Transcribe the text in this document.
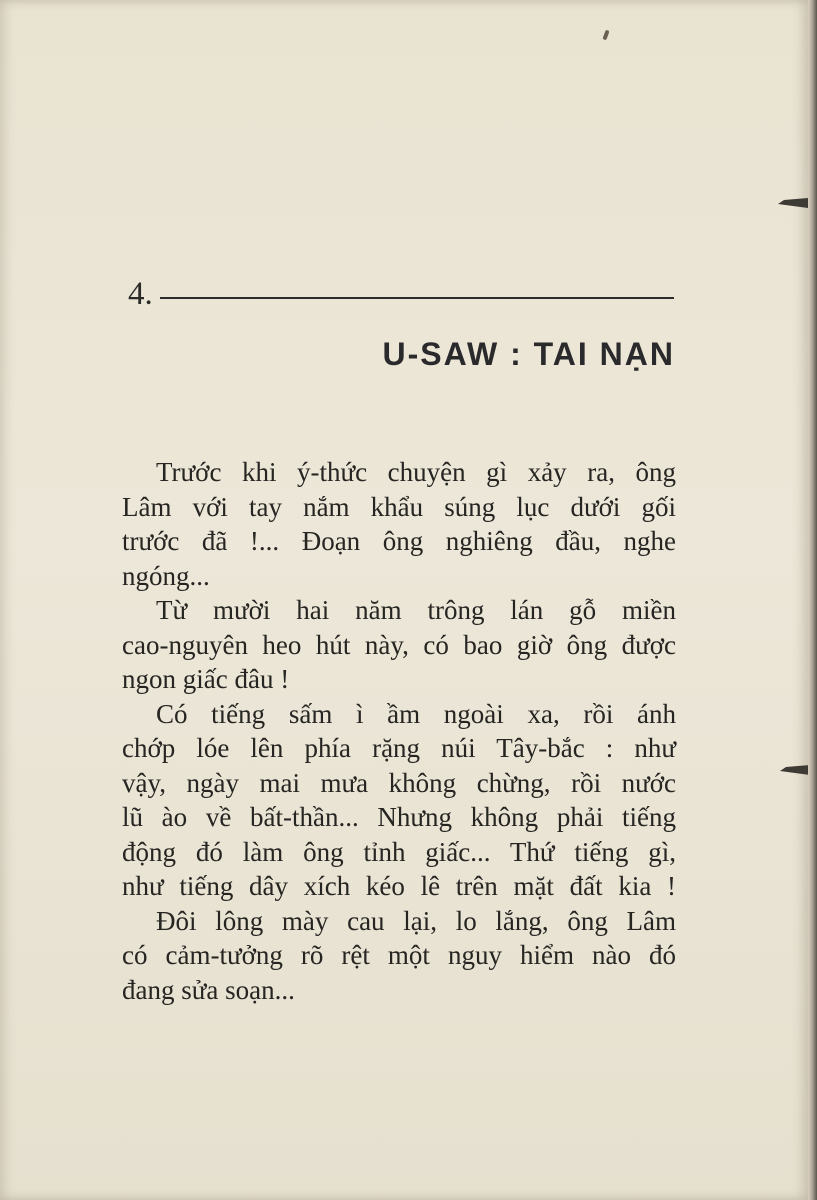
4.
U-SAW : TAI NẠN

Trước khi ý-thức chuyện gì xảy ra, ông
Lâm với tay nắm khẩu súng lục dưới gối
trước đã !... Đoạn ông nghiêng đầu, nghe
ngóng...

Từ mười hai năm trông lán gỗ miền
cao-nguyên heo hút này, có bao giờ ông được
ngon giấc đâu !

Có tiếng sấm ì ầm ngoài xa, rồi ánh
chớp lóe lên phía rặng núi Tây-bắc : như
vậy, ngày mai mưa không chừng, rồi nước
lũ ào về bất-thần... Nhưng không phải tiếng
động đó làm ông tỉnh giấc... Thứ tiếng gì,
như tiếng dây xích kéo lê trên mặt đất kia !

Đôi lông mày cau lại, lo lắng, ông Lâm
có cảm-tưởng rõ rệt một nguy hiểm nào đó
đang sửa soạn...
